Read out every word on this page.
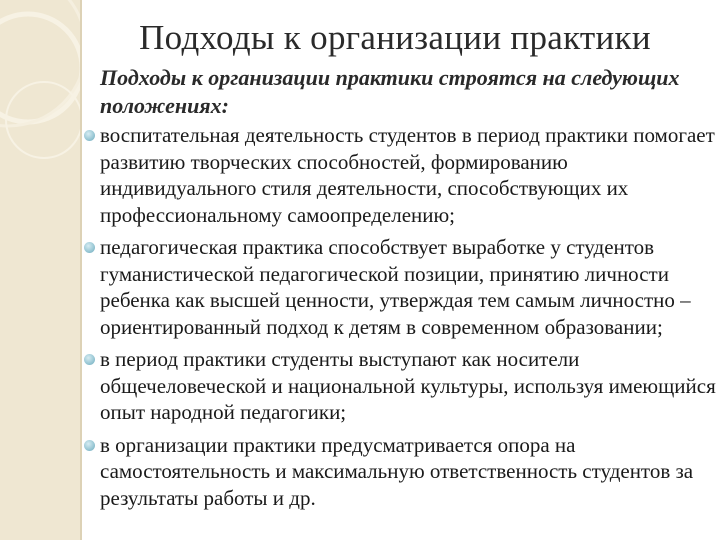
Подходы к организации практики

Подходы к организации практики строятся на следующих положениях:

воспитательная деятельность студентов в период практики помогает развитию творческих способностей, формированию индивидуального стиля деятельности, способствующих их профессиональному самоопределению;
педагогическая практика способствует выработке у студентов гуманистической педагогической позиции, принятию личности ребенка как высшей ценности, утверждая тем самым личностно – ориентированный подход к детям в современном образовании;
в период практики студенты выступают как носители общечеловеческой и национальной культуры, используя имеющийся опыт народной педагогики;
в организации практики предусматривается опора на самостоятельность и максимальную ответственность студентов за результаты работы и др.
